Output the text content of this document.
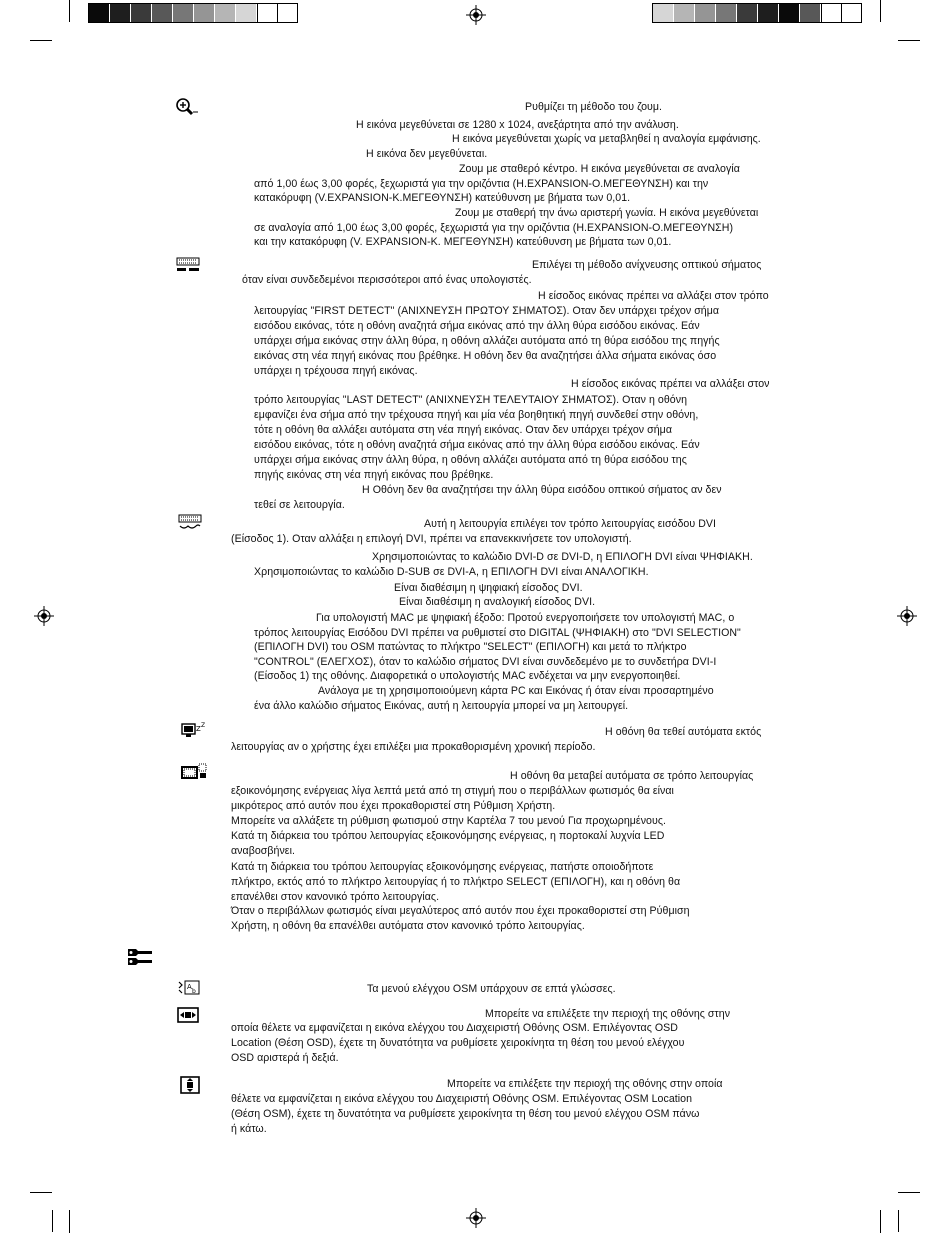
Z Z
A
b
Ρυθμίζει τη μέθοδο του ζουμ.
Η εικόνα μεγεθύνεται σε 1280 x 1024, ανεξάρτητα από την ανάλυση.
Η εικόνα μεγεθύνεται χωρίς να μεταβληθεί η αναλογία εμφάνισης.
Η εικόνα δεν μεγεθύνεται.
Ζουμ με σταθερό κέντρο. Η εικόνα μεγεθύνεται σε αναλογία
από 1,00 έως 3,00 φορές, ξεχωριστά για την οριζόντια (H.EXPANSION-Ο.ΜΕΓΕΘΥΝΣΗ) και την
κατακόρυφη (V.EXPANSION-Κ.ΜΕΓΕΘΥΝΣΗ) κατεύθυνση με βήματα των 0,01.
Ζουμ με σταθερή την άνω αριστερή γωνία. Η εικόνα μεγεθύνεται
σε αναλογία από 1,00 έως 3,00 φορές, ξεχωριστά για την οριζόντια (H.EXPANSION-Ο.ΜΕΓΕΘΥΝΣΗ)
και την κατακόρυφη (V. EXPANSION-Κ. ΜΕΓΕΘΥΝΣΗ) κατεύθυνση με βήματα των 0,01.
Επιλέγει τη μέθοδο ανίχνευσης οπτικού σήματος
όταν είναι συνδεδεμένοι περισσότεροι από ένας υπολογιστές.
Η είσοδος εικόνας πρέπει να αλλάξει στον τρόπο
λειτουργίας "FIRST DETECT" (ΑΝΙΧΝΕΥΣΗ ΠΡΩΤΟΥ ΣΗΜΑΤΟΣ). Οταν δεν υπάρχει τρέχον σήμα
εισόδου εικόνας, τότε η οθόνη αναζητά σήμα εικόνας από την άλλη θύρα εισόδου εικόνας. Εάν
υπάρχει σήμα εικόνας στην άλλη θύρα, η οθόνη αλλάζει αυτόματα από τη θύρα εισόδου της πηγής
εικόνας στη νέα πηγή εικόνας που βρέθηκε. Η οθόνη δεν θα αναζητήσει άλλα σήματα εικόνας όσο
υπάρχει η τρέχουσα πηγή εικόνας.
Η είσοδος εικόνας πρέπει να αλλάξει στον
τρόπο λειτουργίας "LAST DETECT" (ΑΝΙΧΝΕΥΣΗ ΤΕΛΕΥΤΑΙΟΥ ΣΗΜΑΤΟΣ). Οταν η οθόνη
εμφανίζει ένα σήμα από την τρέχουσα πηγή και μία νέα βοηθητική πηγή συνδεθεί στην οθόνη,
τότε η οθόνη θα αλλάξει αυτόματα στη νέα πηγή εικόνας. Οταν δεν υπάρχει τρέχον σήμα
εισόδου εικόνας, τότε η οθόνη αναζητά σήμα εικόνας από την άλλη θύρα εισόδου εικόνας. Εάν
υπάρχει σήμα εικόνας στην άλλη θύρα, η οθόνη αλλάζει αυτόματα από τη θύρα εισόδου της
πηγής εικόνας στη νέα πηγή εικόνας που βρέθηκε.
Η Οθόνη δεν θα αναζητήσει την άλλη θύρα εισόδου οπτικού σήματος αν δεν
τεθεί σε λειτουργία.
Αυτή η λειτουργία επιλέγει τον τρόπο λειτουργίας εισόδου DVI
(Είσοδος 1). Οταν αλλάξει η επιλογή DVI, πρέπει να επανεκκινήσετε τον υπολογιστή.
Χρησιμοποιώντας το καλώδιο DVI-D σε DVI-D, η ΕΠΙΛΟΓΗ DVI είναι ΨΗΦΙΑΚΗ.
Χρησιμοποιώντας το καλώδιο D-SUB σε DVI-A, η ΕΠΙΛΟΓΗ DVI είναι ΑΝΑΛΟΓΙΚΗ.
Είναι διαθέσιμη η ψηφιακή είσοδος DVI.
Είναι διαθέσιμη η αναλογική είσοδος DVI.
Για υπολογιστή MAC με ψηφιακή έξοδο: Προτού ενεργοποιήσετε τον υπολογιστή MAC, ο
τρόπος λειτουργίας Εισόδου DVI πρέπει να ρυθμιστεί στο DIGITAL (ΨΗΦΙΑΚΗ) στο "DVI SELECTION"
(ΕΠΙΛΟΓΗ DVI) του OSM πατώντας το πλήκτρο "SELECT" (ΕΠΙΛΟΓΗ) και μετά το πλήκτρο
"CONTROL" (ΕΛΕΓΧΟΣ), όταν το καλώδιο σήματος DVI είναι συνδεδεμένο με το συνδετήρα DVI-I
(Είσοδος 1) της οθόνης. Διαφορετικά ο υπολογιστής MAC ενδέχεται να μην ενεργοποιηθεί.
Ανάλογα με τη χρησιμοποιούμενη κάρτα PC και Εικόνας ή όταν είναι προσαρτημένο
ένα άλλο καλώδιο σήματος Εικόνας, αυτή η λειτουργία μπορεί να μη λειτουργεί.
Η οθόνη θα τεθεί αυτόματα εκτός
λειτουργίας αν ο χρήστης έχει επιλέξει μια προκαθορισμένη χρονική περίοδο.
Η οθόνη θα μεταβεί αυτόματα σε τρόπο λειτουργίας
εξοικονόμησης ενέργειας λίγα λεπτά μετά από τη στιγμή που ο περιβάλλων φωτισμός θα είναι
μικρότερος από αυτόν που έχει προκαθοριστεί στη Ρύθμιση Χρήστη.
Μπορείτε να αλλάξετε τη ρύθμιση φωτισμού στην Καρτέλα 7 του μενού Για προχωρημένους.
Κατά τη διάρκεια του τρόπου λειτουργίας εξοικονόμησης ενέργειας, η πορτοκαλί λυχνία LED
αναβοσβήνει.
Κατά τη διάρκεια του τρόπου λειτουργίας εξοικονόμησης ενέργειας, πατήστε οποιοδήποτε
πλήκτρο, εκτός από το πλήκτρο λειτουργίας ή το πλήκτρο SELECT (ΕΠΙΛΟΓΗ), και η οθόνη θα
επανέλθει στον κανονικό τρόπο λειτουργίας.
Όταν ο περιβάλλων φωτισμός είναι μεγαλύτερος από αυτόν που έχει προκαθοριστεί στη Ρύθμιση
Χρήστη, η οθόνη θα επανέλθει αυτόματα στον κανονικό τρόπο λειτουργίας.
Τα μενού ελέγχου OSM υπάρχουν σε επτά γλώσσες.
Μπορείτε να επιλέξετε την περιοχή της οθόνης στην
οποία θέλετε να εμφανίζεται η εικόνα ελέγχου του Διαχειριστή Οθόνης OSM. Επιλέγοντας OSD
Location (Θέση OSD), έχετε τη δυνατότητα να ρυθμίσετε χειροκίνητα τη θέση του μενού ελέγχου
OSD αριστερά ή δεξιά.
Μπορείτε να επιλέξετε την περιοχή της οθόνης στην οποία
θέλετε να εμφανίζεται η εικόνα ελέγχου του Διαχειριστή Οθόνης OSM. Επιλέγοντας OSM Location
(Θέση OSM), έχετε τη δυνατότητα να ρυθμίσετε χειροκίνητα τη θέση του μενού ελέγχου OSM πάνω
ή κάτω.
